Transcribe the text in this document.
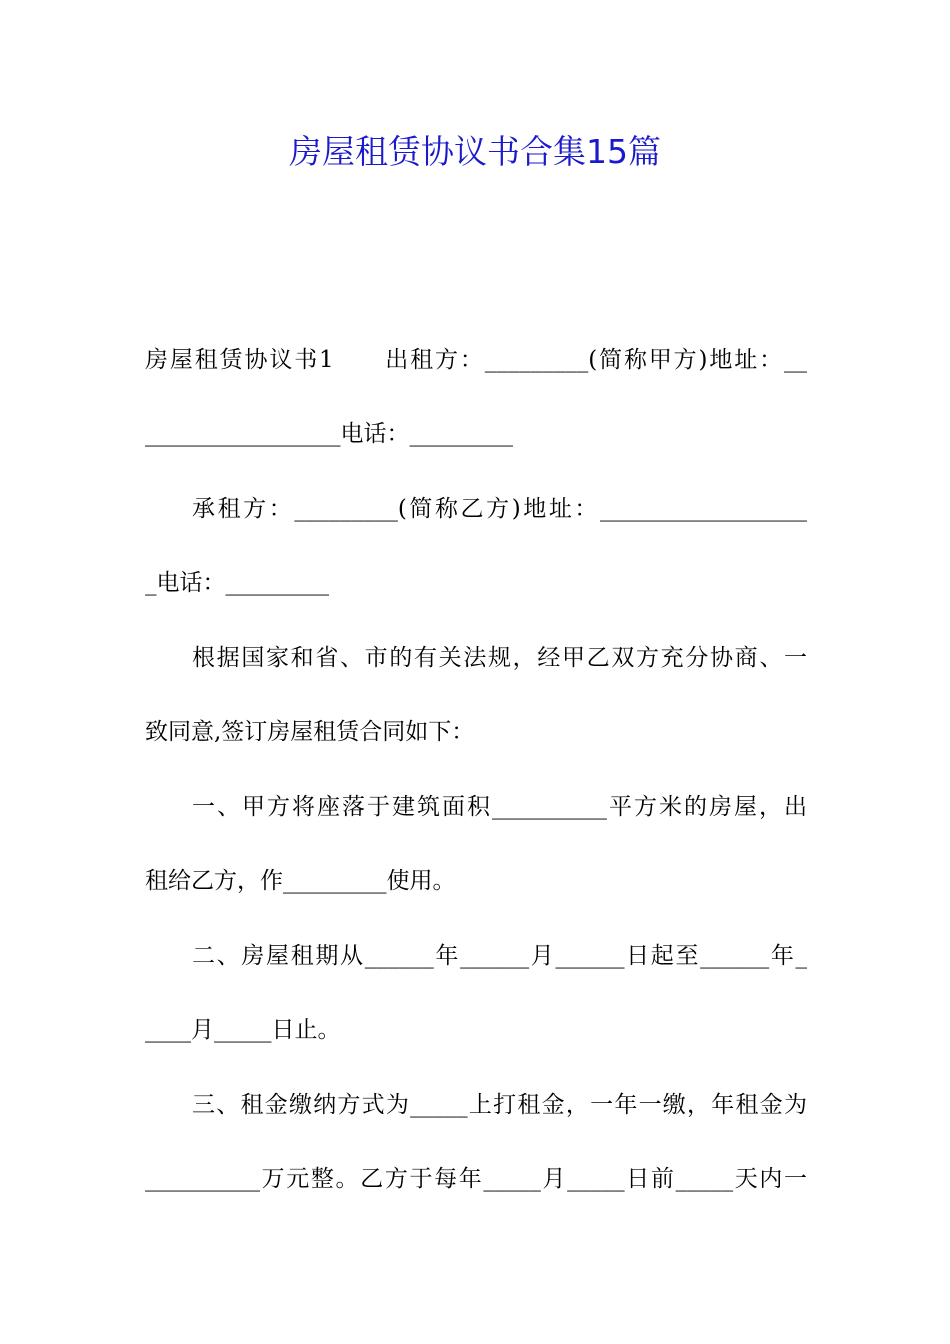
房屋租赁协议书合集15篇
房屋租赁协议书1　　出租方：_________(简称甲方)地址：__
_________________电话：_________
承租方：_________(简称乙方)地址：__________________
_电话：_________
根据国家和省、市的有关法规，经甲乙双方充分协商、一
致同意,签订房屋租赁合同如下：
一、甲方将座落于建筑面积__________平方米的房屋，出
租给乙方，作_________使用。
二、房屋租期从______年______月______日起至______年_
____月_____日止。
三、租金缴纳方式为_____上打租金，一年一缴，年租金为
__________万元整。乙方于每年_____月_____日前_____天内一
